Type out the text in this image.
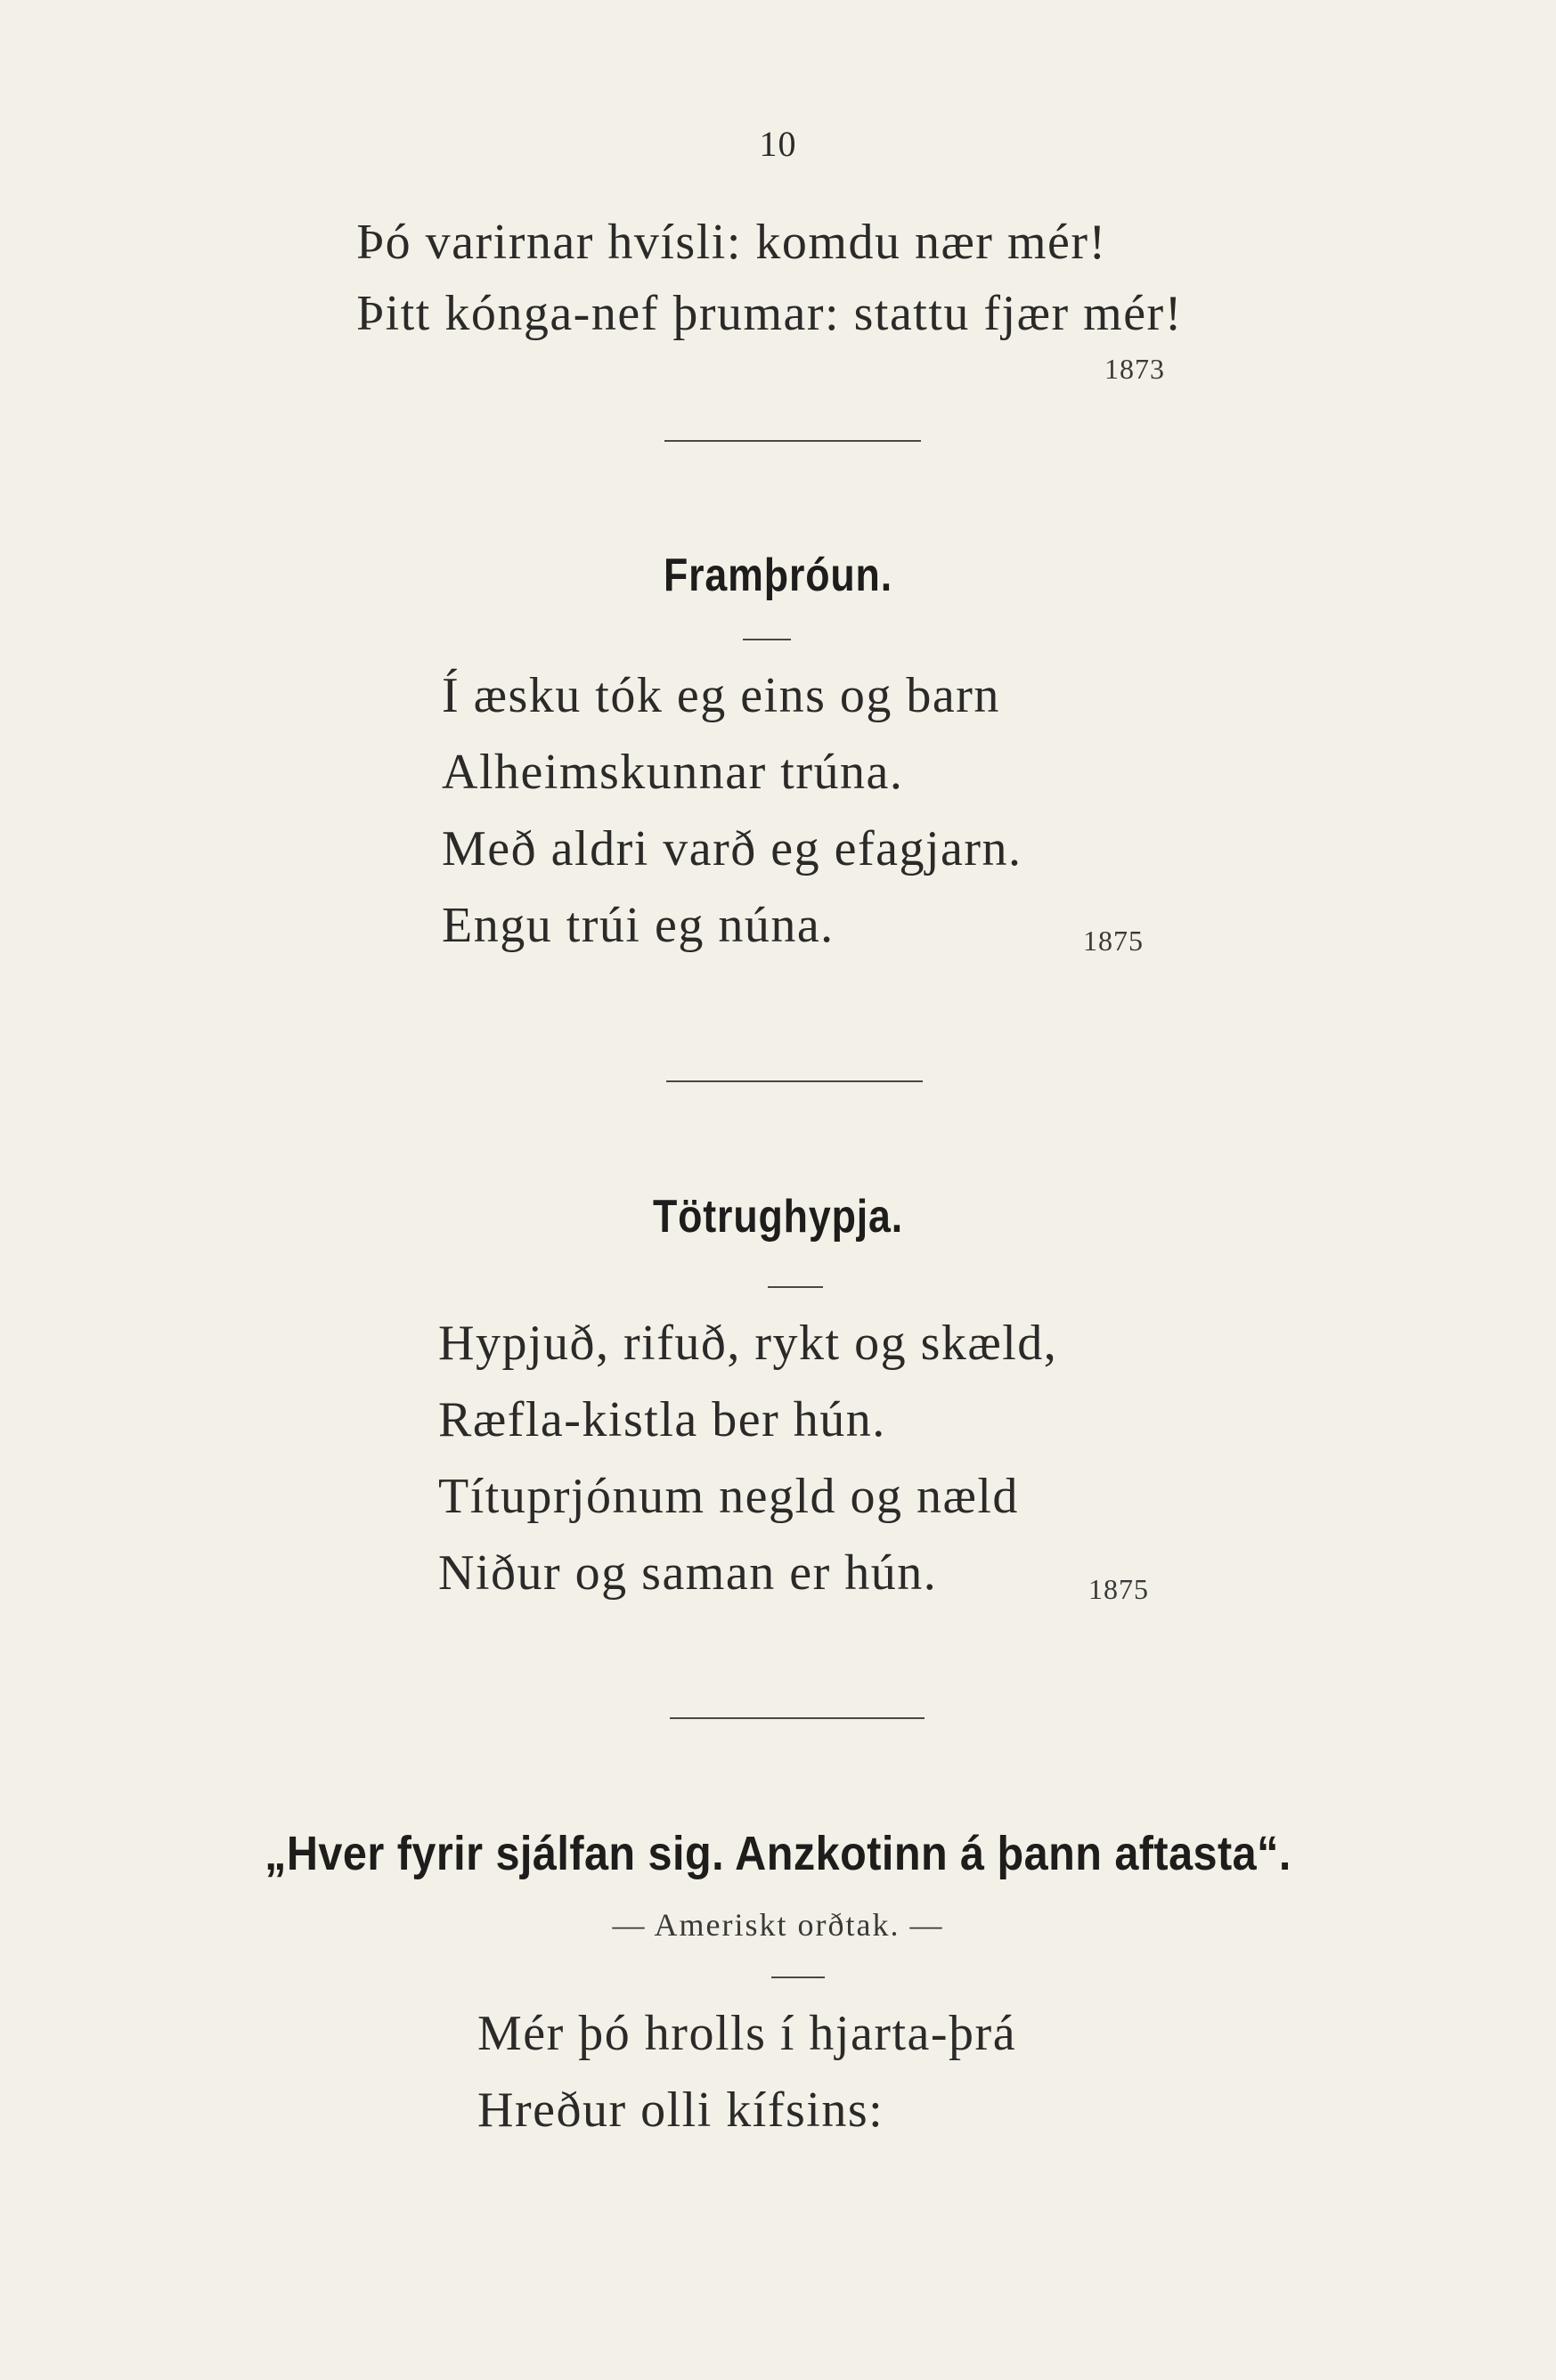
10
Þó varirnar hvísli: komdu nær mér!
Þitt kónga-nef þrumar: stattu fjær mér!
1873
Framþróun.
Í æsku tók eg eins og barn
Alheimskunnar trúna.
Með aldri varð eg efagjarn.
Engu trúi eg núna.	1875
Tötrughypja.
Hypjuð, rifuð, rykt og skæld,
Ræfla-kistla ber hún.
Títuprjónum negld og næld
Niður og saman er hún.	1875
„Hver fyrir sjálfan sig. Anzkotinn á þann aftasta“.
— Ameriskt orðtak. —
Mér þó hrolls í hjarta-þrá
Hreður olli kífsins:
